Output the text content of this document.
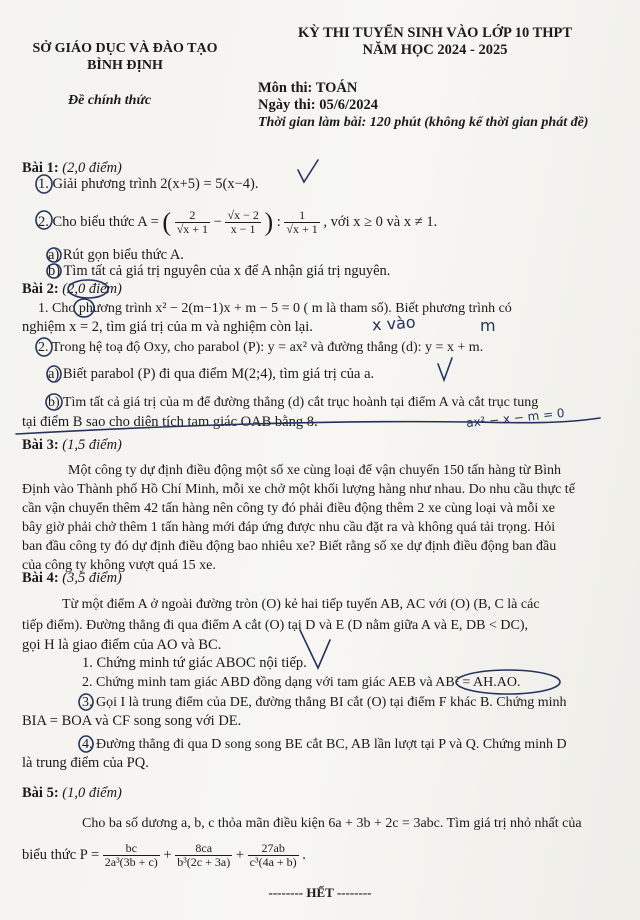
SỞ GIÁO DỤC VÀ ĐÀO TẠO
BÌNH ĐỊNH
Đề chính thức
KỲ THI TUYỂN SINH VÀO LỚP 10 THPT
NĂM HỌC 2024 - 2025
Môn thi: TOÁN
Ngày thi: 05/6/2024
Thời gian làm bài: 120 phút (không kể thời gian phát đề)
Bài 1: (2,0 điểm)
1. Giải phương trình 2(x+5) = 5(x−4).
2. Cho biểu thức A = ( $\frac{2}{√x + 1} - \frac{√x - 2}{x - 1}$ ) : $\frac{1}{√x + 1}$ , với x ≥ 0 và x ≠ 1.
a) Rút gọn biểu thức A.
b) Tìm tất cả giá trị nguyên của x để A nhận giá trị nguyên.
Bài 2: (2,0 điểm)
1. Cho phương trình x² − 2(m−1)x + m − 5 = 0 ( m là tham số). Biết phương trình có
nghiệm x = 2, tìm giá trị của m và nghiệm còn lại.
2. Trong hệ toạ độ Oxy, cho parabol (P): y = ax² và đường thẳng (d): y = x + m.
a) Biết parabol (P) đi qua điểm M(2;4), tìm giá trị của a.
b) Tìm tất cả giá trị của m để đường thẳng (d) cắt trục hoành tại điểm A và cắt trục tung
tại điểm B sao cho diện tích tam giác OAB bằng 8.
Bài 3: (1,5 điểm)
Một công ty dự định điều động một số xe cùng loại để vận chuyển 150 tấn hàng từ Bình
Định vào Thành phố Hồ Chí Minh, mỗi xe chở một khối lượng hàng như nhau. Do nhu cầu thực tế
cần vận chuyển thêm 42 tấn hàng nên công ty đó phải điều động thêm 2 xe cùng loại và mỗi xe
bây giờ phải chở thêm 1 tấn hàng mới đáp ứng được nhu cầu đặt ra và không quá tải trọng. Hỏi
ban đầu công ty đó dự định điều động bao nhiêu xe? Biết rằng số xe dự định điều động ban đầu
của công ty không vượt quá 15 xe.
Bài 4: (3,5 điểm)
Từ một điểm A ở ngoài đường tròn (O) kẻ hai tiếp tuyến AB, AC với (O) (B, C là các
tiếp điểm). Đường thẳng đi qua điểm A cắt (O) tại D và E (D nằm giữa A và E, DB < DC),
gọi H là giao điểm của AO và BC.
1. Chứng minh tứ giác ABOC nội tiếp.
2. Chứng minh tam giác ABD đồng dạng với tam giác AEB và AB² = AH.AO.
3. Gọi I là trung điểm của DE, đường thẳng BI cắt (O) tại điểm F khác B. Chứng minh
BIA = BOA và CF song song với DE.
4. Đường thẳng đi qua D song song BE cắt BC, AB lần lượt tại P và Q. Chứng minh D
là trung điểm của PQ.
Bài 5: (1,0 điểm)
Cho ba số dương a, b, c thỏa mãn điều kiện 6a + 3b + 2c = 3abc. Tìm giá trị nhỏ nhất của
biểu thức $P = \frac{bc}{\text{2a³(3b + c)}} + \frac{8ca}{\text{b³(2c + 3a)}} + \frac{27ab}{\text{c³(4a + b)}}$ .
-------- HẾT --------
x vào	m
ax² − x − m = 0
